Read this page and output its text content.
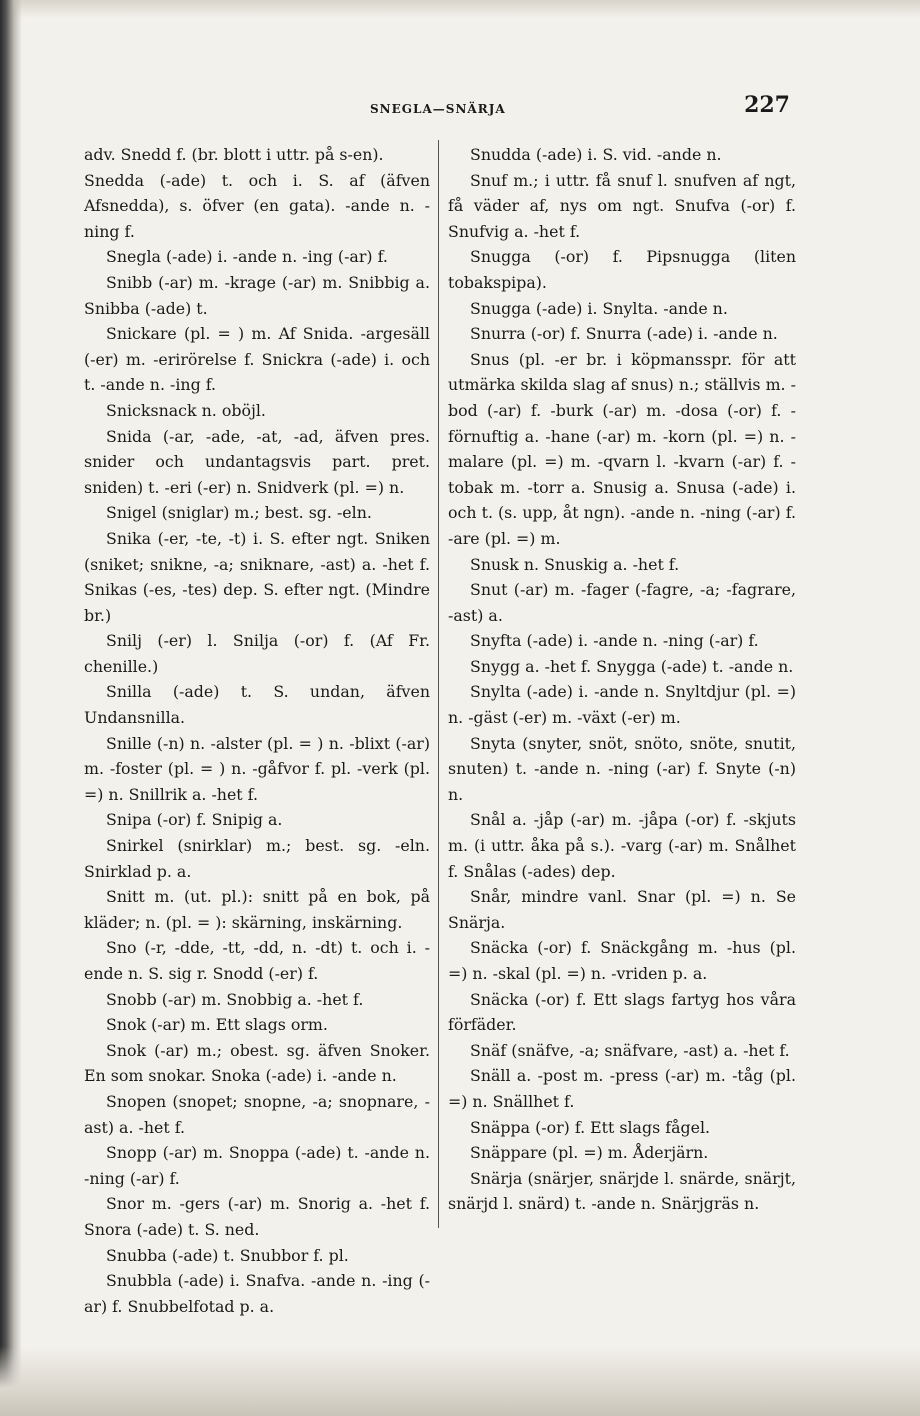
SNEGLA—SNÄRJA	227

adv. Snedd f. (br. blott i uttr. på s-en).

Snedda (-ade) t. och i. S. af (äfven Afsnedda), s. öfver (en gata). -ande n. -ning f.

Snegla (-ade) i. -ande n. -ing (-ar) f.

Snibb (-ar) m. -krage (-ar) m. Snibbig a. Snibba (-ade) t.

Snickare (pl. = ) m. Af Snida. -argesäll (-er) m. -erirörelse f. Snickra (-ade) i. och t. -ande n. -ing f.

Snicksnack n. oböjl.

Snida (-ar, -ade, -at, -ad, äfven pres. snider och undantagsvis part. pret. sniden) t. -eri (-er) n. Snidverk (pl. =) n.

Snigel (sniglar) m.; best. sg. -eln.

Snika (-er, -te, -t) i. S. efter ngt. Sniken (sniket; snikne, -a; sniknare, -ast) a. -het f. Snikas (-es, -tes) dep. S. efter ngt. (Mindre br.)

Snilj (-er) l. Snilja (-or) f. (Af Fr. chenille.)

Snilla (-ade) t. S. undan, äfven Undansnilla.

Snille (-n) n. -alster (pl. = ) n. -blixt (-ar) m. -foster (pl. = ) n. -gåfvor f. pl. -verk (pl. =) n. Snillrik a. -het f.

Snipa (-or) f. Snipig a.

Snirkel (snirklar) m.; best. sg. -eln. Snirklad p. a.

Snitt m. (ut. pl.): snitt på en bok, på kläder; n. (pl. = ): skärning, inskärning.

Sno (-r, -dde, -tt, -dd, n. -dt) t. och i. -ende n. S. sig r. Snodd (-er) f.

Snobb (-ar) m. Snobbig a. -het f.

Snok (-ar) m. Ett slags orm.

Snok (-ar) m.; obest. sg. äfven Snoker. En som snokar. Snoka (-ade) i. -ande n.

Snopen (snopet; snopne, -a; snopnare, -ast) a. -het f.

Snopp (-ar) m. Snoppa (-ade) t. -ande n. -ning (-ar) f.

Snor m. -gers (-ar) m. Snorig a. -het f. Snora (-ade) t. S. ned.

Snubba (-ade) t. Snubbor f. pl.

Snubbla (-ade) i. Snafva. -ande n. -ing (-ar) f. Snubbelfotad p. a.

Snudda (-ade) i. S. vid. -ande n.

Snuf m.; i uttr. få snuf l. snufven af ngt, få väder af, nys om ngt. Snufva (-or) f. Snufvig a. -het f.

Snugga (-or) f. Pipsnugga (liten tobakspipa).

Snugga (-ade) i. Snylta. -ande n.

Snurra (-or) f. Snurra (-ade) i. -ande n.

Snus (pl. -er br. i köpmansspr. för att utmärka skilda slag af snus) n.; ställvis m. -bod (-ar) f. -burk (-ar) m. -dosa (-or) f. -förnuftig a. -hane (-ar) m. -korn (pl. =) n. -malare (pl. =) m. -qvarn l. -kvarn (-ar) f. -tobak m. -torr a. Snusig a. Snusa (-ade) i. och t. (s. upp, åt ngn). -ande n. -ning (-ar) f. -are (pl. =) m.

Snusk n. Snuskig a. -het f.

Snut (-ar) m. -fager (-fagre, -a; -fagrare, -ast) a.

Snyfta (-ade) i. -ande n. -ning (-ar) f.

Snygg a. -het f. Snygga (-ade) t. -ande n.

Snylta (-ade) i. -ande n. Snyltdjur (pl. =) n. -gäst (-er) m. -växt (-er) m.

Snyta (snyter, snöt, snöto, snöte, snutit, snuten) t. -ande n. -ning (-ar) f. Snyte (-n) n.

Snål a. -jåp (-ar) m. -jåpa (-or) f. -skjuts m. (i uttr. åka på s.). -varg (-ar) m. Snålhet f. Snålas (-ades) dep.

Snår, mindre vanl. Snar (pl. =) n. Se Snärja.

Snäcka (-or) f. Snäckgång m. -hus (pl. =) n. -skal (pl. =) n. -vriden p. a.

Snäcka (-or) f. Ett slags fartyg hos våra förfäder.

Snäf (snäfve, -a; snäfvare, -ast) a. -het f.

Snäll a. -post m. -press (-ar) m. -tåg (pl. =) n. Snällhet f.

Snäppa (-or) f. Ett slags fågel.

Snäppare (pl. =) m. Åderjärn.

Snärja (snärjer, snärjde l. snärde, snärjt, snärjd l. snärd) t. -ande n. Snärjgräs n.
